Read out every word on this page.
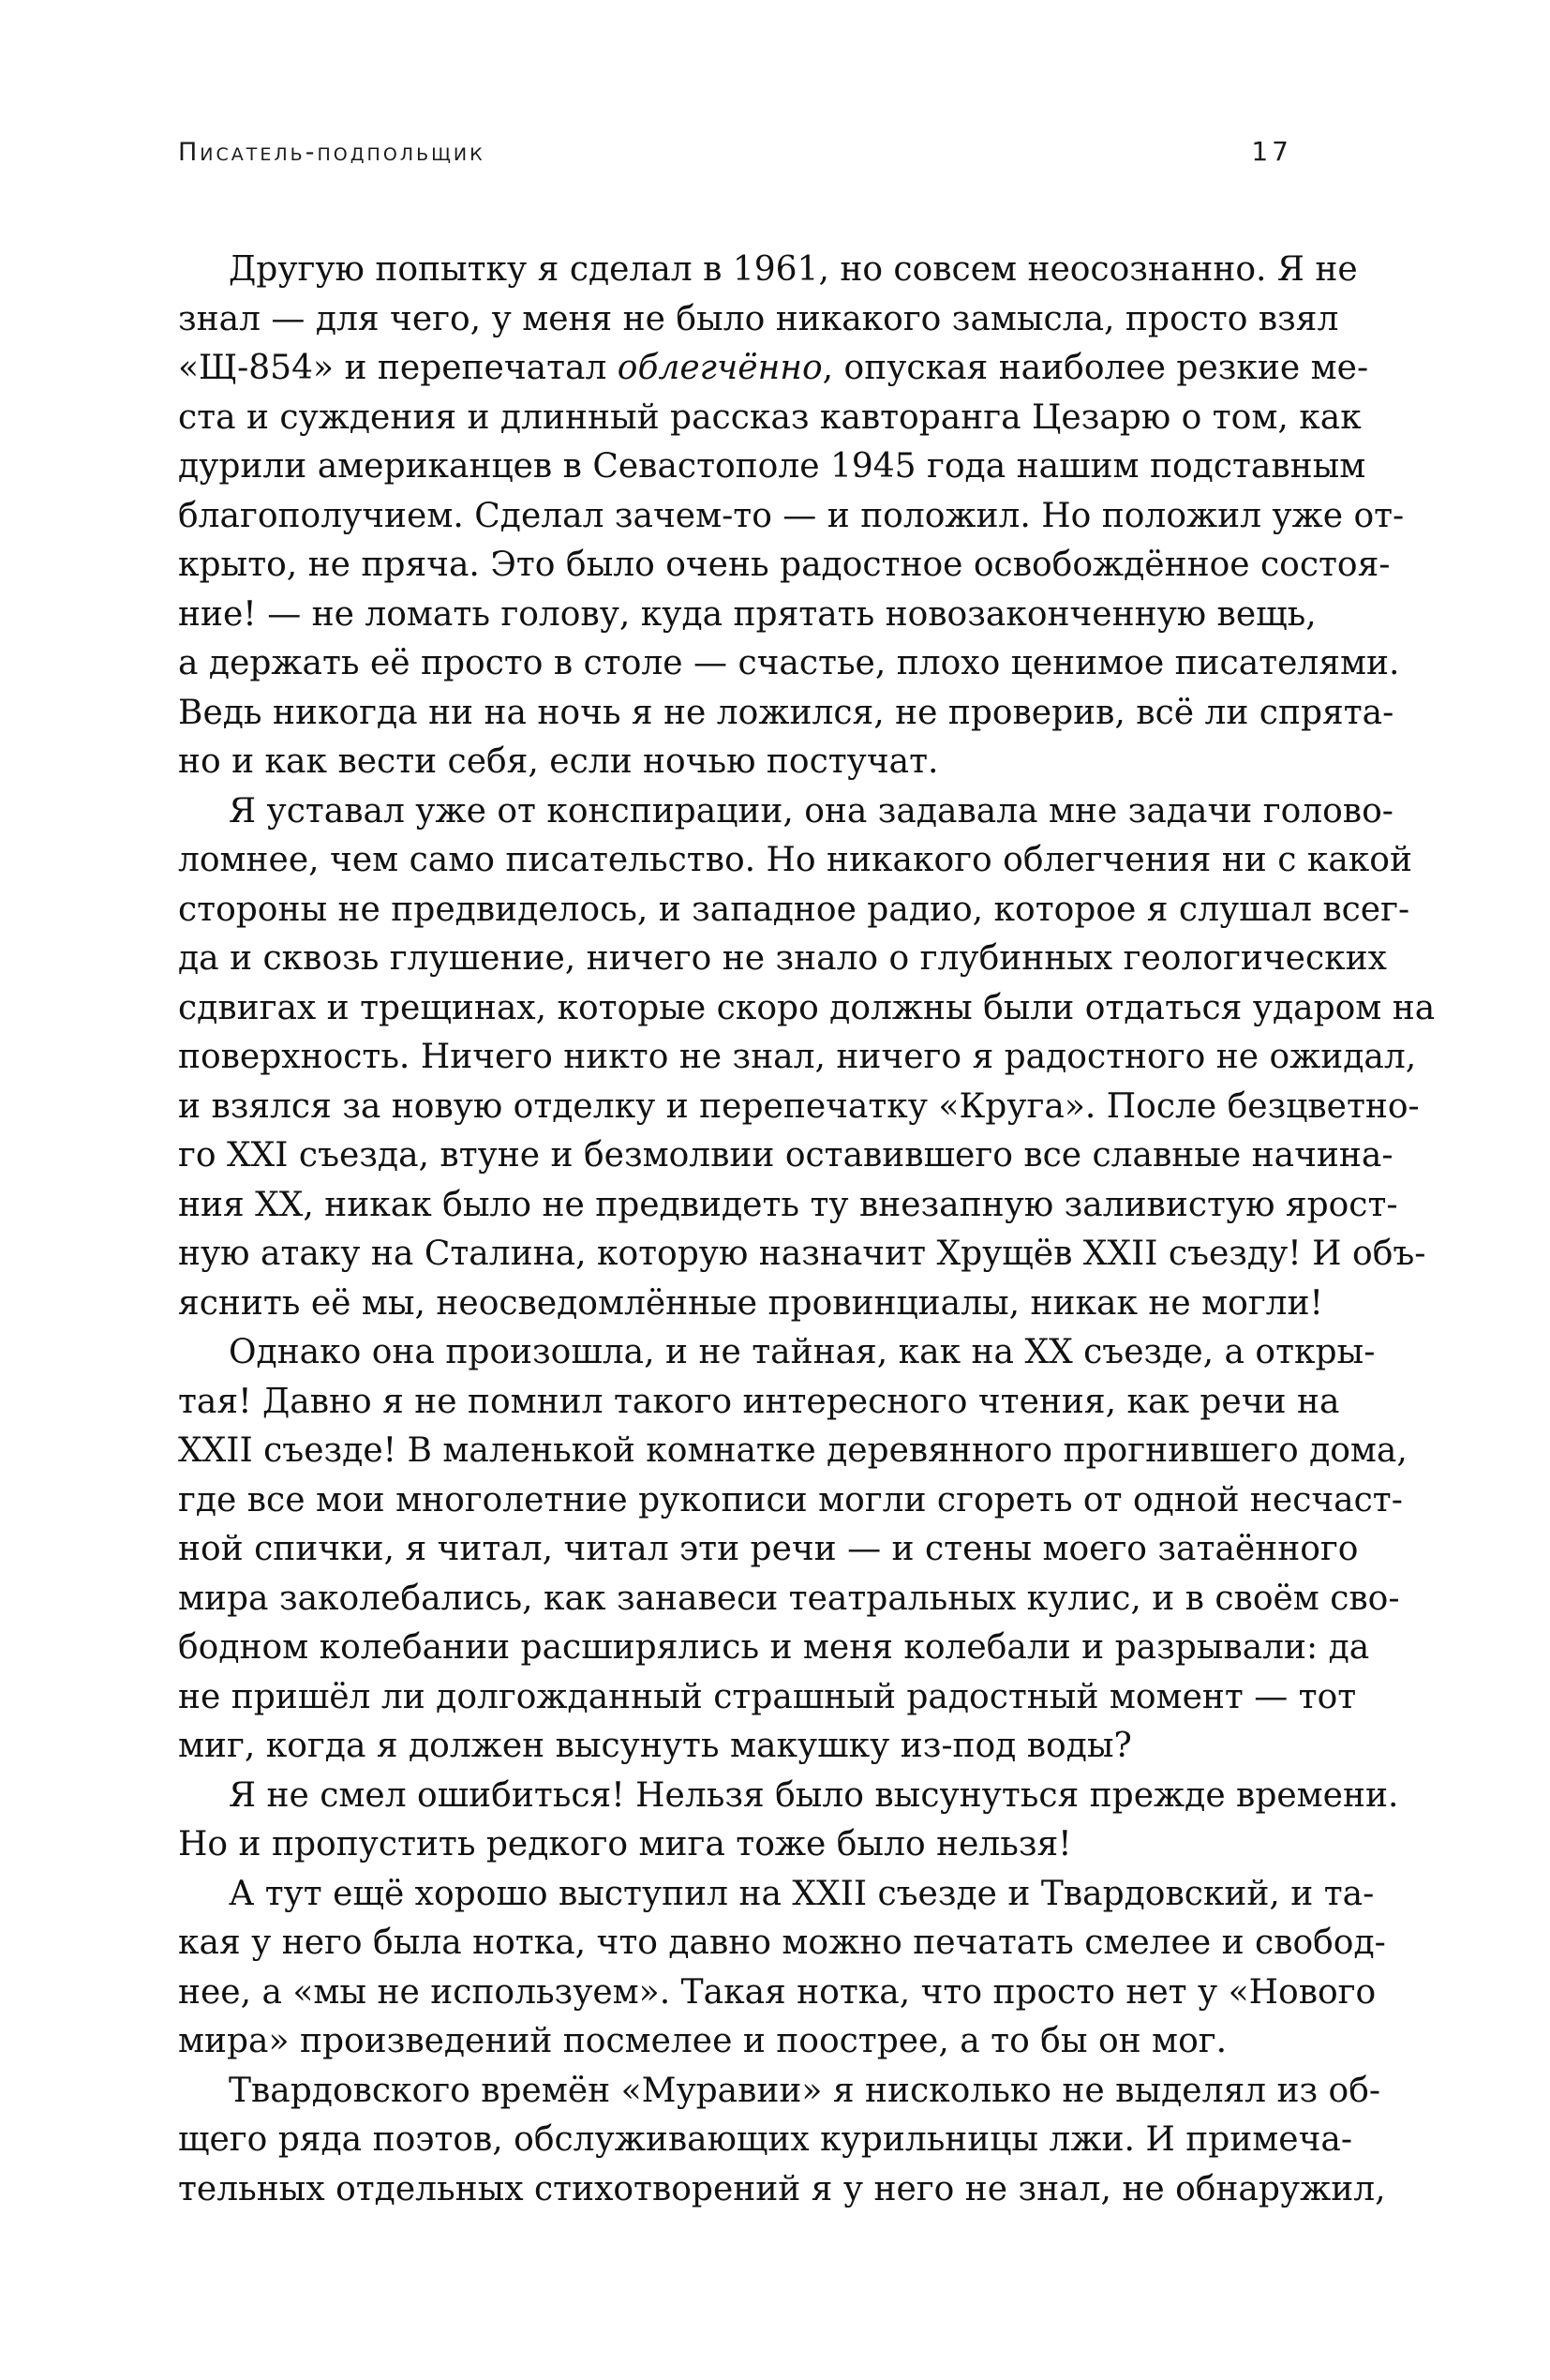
Писатель-подпольщик	17
Другую попытку я сделал в 1961, но совсем неосознанно. Я не
знал — для чего, у меня не было никакого замысла, просто взял
«Щ-854» и перепечатал облегчённо, опуская наиболее резкие ме-
ста и суждения и длинный рассказ кавторанга Цезарю о том, как
дурили американцев в Севастополе 1945 года нашим подставным
благополучием. Сделал зачем-то — и положил. Но положил уже от-
крыто, не пряча. Это было очень радостное освобождённое состоя-
ние! — не ломать голову, куда прятать новозаконченную вещь,
а держать её просто в столе — счастье, плохо ценимое писателями.
Ведь никогда ни на ночь я не ложился, не проверив, всё ли спрята-
но и как вести себя, если ночью постучат.
Я уставал уже от конспирации, она задавала мне задачи голово-
ломнее, чем само писательство. Но никакого облегчения ни с какой
стороны не предвиделось, и западное радио, которое я слушал всег-
да и сквозь глушение, ничего не знало о глубинных геологических
сдвигах и трещинах, которые скоро должны были отдаться ударом на
поверхность. Ничего никто не знал, ничего я радостного не ожидал,
и взялся за новую отделку и перепечатку «Круга». После безцветно-
го XXI съезда, втуне и безмолвии оставившего все славные начина-
ния XX, никак было не предвидеть ту внезапную заливистую ярост-
ную атаку на Сталина, которую назначит Хрущёв XXII съезду! И объ-
яснить её мы, неосведомлённые провинциалы, никак не могли!
Однако она произошла, и не тайная, как на XX съезде, а откры-
тая! Давно я не помнил такого интересного чтения, как речи на
XXII съезде! В маленькой комнатке деревянного прогнившего дома,
где все мои многолетние рукописи могли сгореть от одной несчаст-
ной спички, я читал, читал эти речи — и стены моего затаённого
мира заколебались, как занавеси театральных кулис, и в своём сво-
бодном колебании расширялись и меня колебали и разрывали: да
не пришёл ли долгожданный страшный радостный момент — тот
миг, когда я должен высунуть макушку из-под воды?
Я не смел ошибиться! Нельзя было высунуться прежде времени.
Но и пропустить редкого мига тоже было нельзя!
А тут ещё хорошо выступил на XXII съезде и Твардовский, и та-
кая у него была нотка, что давно можно печатать смелее и свобод-
нее, а «мы не используем». Такая нотка, что просто нет у «Нового
мира» произведений посмелее и поострее, а то бы он мог.
Твардовского времён «Муравии» я нисколько не выделял из об-
щего ряда поэтов, обслуживающих курильницы лжи. И примеча-
тельных отдельных стихотворений я у него не знал, не обнаружил,
